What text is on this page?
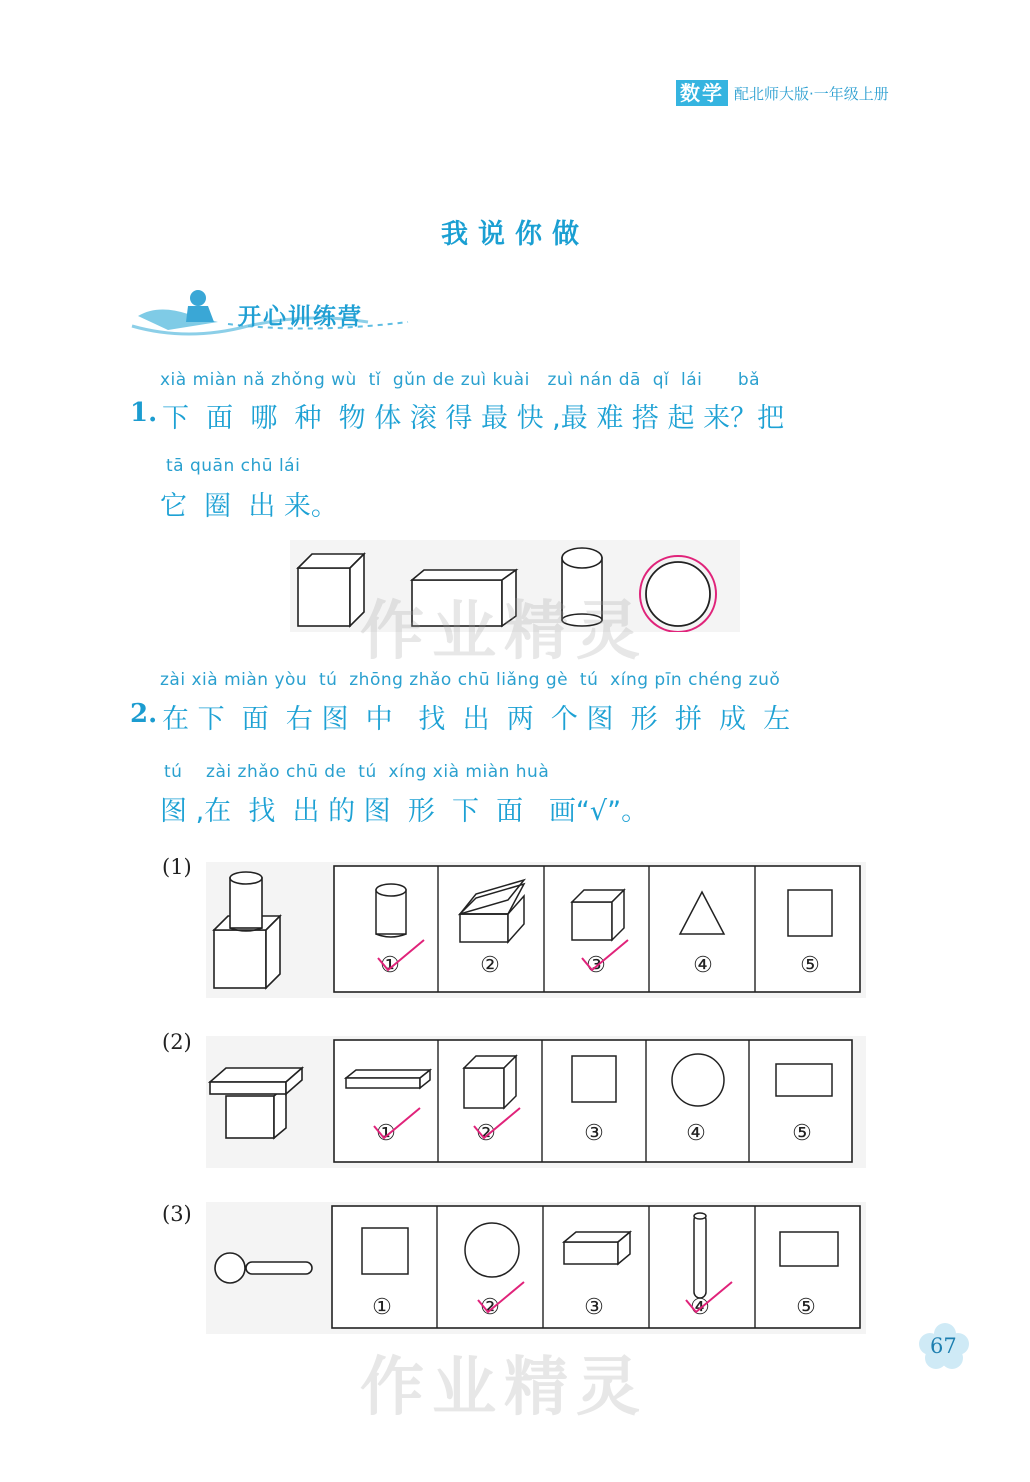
数学 配北师大版·一年级上册
我说你做
开心训练营
xià miàn nǎ zhǒng wù  tǐ  gǔn de zuì kuài   zuì nán dā  qǐ  lái      bǎ
1. 下  面  哪  种  物 体 滚 得 最 快 ,最 难 搭 起 来？把
tā quān chū lái
它  圈  出 来。
zài xià miàn yòu  tú  zhōng zhǎo chū liǎng gè  tú  xíng pīn chéng zuǒ
2. 在 下  面  右 图  中   找  出  两  个 图  形  拼  成  左
tú    zài zhǎo chū de  tú  xíng xià miàn huà
图 ,在  找  出 的 图  形  下  面   画“√”。
(1)
①	②	③	④	⑤
(2)
①	②	③	④	⑤
(3)
①	②	③	④	⑤
作业精灵
作业精灵
67
